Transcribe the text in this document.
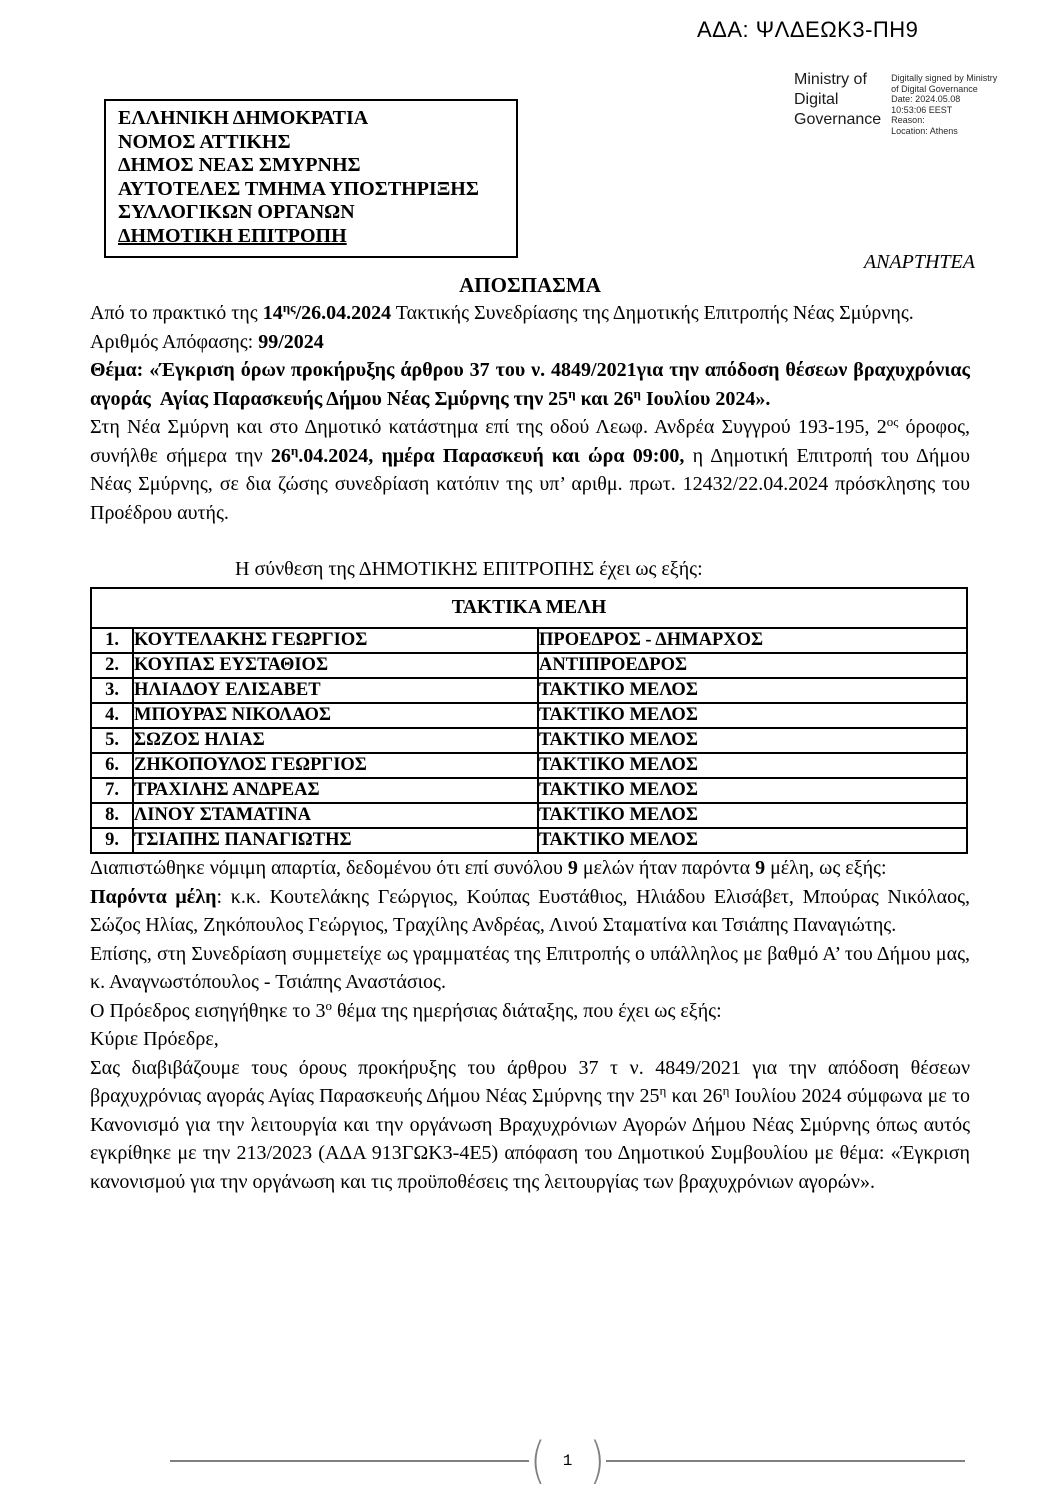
ΑΔΑ: ΨΛΔΕΩΚ3-ΠΗ9
Ministry of
Digital
Governance
Digitally signed by Ministry
of Digital Governance
Date: 2024.05.08
10:53:06 EEST
Reason:
Location: Athens
ΕΛΛΗΝΙΚΗ ΔΗΜΟΚΡΑΤΙΑ
ΝΟΜΟΣ ΑΤΤΙΚΗΣ
ΔΗΜΟΣ ΝΕΑΣ ΣΜΥΡΝΗΣ
ΑΥΤΟΤΕΛΕΣ ΤΜΗΜΑ ΥΠΟΣΤΗΡΙΞΗΣ
ΣΥΛΛΟΓΙΚΩΝ ΟΡΓΑΝΩΝ
ΔΗΜΟΤΙΚΗ ΕΠΙΤΡΟΠΗ
ΑΝΑΡΤΗΤΕΑ

ΑΠΟΣΠΑΣΜΑ

Από το πρακτικό της $14^{\eta\varsigma}/26.04.2024$ Τακτικής Συνεδρίασης της Δημοτικής Επιτροπής Νέας Σμύρνης.

Αριθμός Απόφασης: 99/2024

Θέμα: «Έγκριση όρων προκήρυξης άρθρου 37 του ν. 4849/2021για την απόδοση θέσεων βραχυχρόνιας αγοράς  Αγίας Παρασκευής Δήμου Νέας Σμύρνης την $25^\eta$ και $26^\eta$ Ιουλίου 2024».

Στη Νέα Σμύρνη και στο Δημοτικό κατάστημα επί της οδού Λεωφ. Ανδρέα Συγγρού 193-195, $2^{o\varsigma}$ όροφος, συνήλθε σήμερα την $26^\eta.04.2024$, ημέρα Παρασκευή και ώρα 09:00, η Δημοτική Επιτροπή του Δήμου Νέας Σμύρνης, σε δια ζώσης συνεδρίαση κατόπιν της υπ’ αριθμ. πρωτ. 12432/22.04.2024 πρόσκλησης του Προέδρου αυτής.

Η σύνθεση της ΔΗΜΟΤΙΚΗΣ ΕΠΙΤΡΟΠΗΣ έχει ως εξής:

ΤΑΚΤΙΚΑ ΜΕΛΗ		
1.	ΚΟΥΤΕΛΑΚΗΣ ΓΕΩΡΓΙΟΣ	ΠΡΟΕΔΡΟΣ - ΔΗΜΑΡΧΟΣ
2.	ΚΟΥΠΑΣ ΕΥΣΤΑΘΙΟΣ	ΑΝΤΙΠΡΟΕΔΡΟΣ
3.	ΗΛΙΑΔΟΥ ΕΛΙΣΑΒΕΤ	ΤΑΚΤΙΚΟ ΜΕΛΟΣ
4.	ΜΠΟΥΡΑΣ ΝΙΚΟΛΑΟΣ	ΤΑΚΤΙΚΟ ΜΕΛΟΣ
5.	ΣΩΖΟΣ ΗΛΙΑΣ	ΤΑΚΤΙΚΟ ΜΕΛΟΣ
6.	ΖΗΚΟΠΟΥΛΟΣ ΓΕΩΡΓΙΟΣ	ΤΑΚΤΙΚΟ ΜΕΛΟΣ
7.	ΤΡΑΧΙΛΗΣ ΑΝΔΡΕΑΣ	ΤΑΚΤΙΚΟ ΜΕΛΟΣ
8.	ΛΙΝΟΥ ΣΤΑΜΑΤΙΝΑ	ΤΑΚΤΙΚΟ ΜΕΛΟΣ
9.	ΤΣΙΑΠΗΣ ΠΑΝΑΓΙΩΤΗΣ	ΤΑΚΤΙΚΟ ΜΕΛΟΣ

Διαπιστώθηκε νόμιμη απαρτία, δεδομένου ότι επί συνόλου 9 μελών ήταν παρόντα 9 μέλη, ως εξής:

Παρόντα μέλη: κ.κ. Κουτελάκης Γεώργιος, Κούπας Ευστάθιος, Ηλιάδου Ελισάβετ, Μπούρας Νικόλαος, Σώζος Ηλίας, Ζηκόπουλος Γεώργιος, Τραχίλης Ανδρέας, Λινού Σταματίνα και Τσιάπης Παναγιώτης.

Επίσης, στη Συνεδρίαση συμμετείχε ως γραμματέας της Επιτροπής ο υπάλληλος με βαθμό Α’ του Δήμου μας, κ. Αναγνωστόπουλος - Τσιάπης Αναστάσιος.

Ο Πρόεδρος εισηγήθηκε το $3^o$ θέμα της ημερήσιας διάταξης, που έχει ως εξής:

Κύριε Πρόεδρε,

Σας διαβιβάζουμε τους όρους προκήρυξης του άρθρου 37 τ ν. 4849/2021 για την απόδοση θέσεων βραχυχρόνιας αγοράς Αγίας Παρασκευής Δήμου Νέας Σμύρνης την $25^\eta$ και $26^\eta$ Ιουλίου 2024 σύμφωνα με το Κανονισμό για την λειτουργία και την οργάνωση Βραχυχρόνιων Αγορών Δήμου Νέας Σμύρνης όπως αυτός εγκρίθηκε με την 213/2023 (ΑΔΑ 913ΓΩΚ3-4Ε5) απόφαση του Δημοτικού Συμβουλίου με θέμα: «Έγκριση κανονισμού για την οργάνωση και τις προϋποθέσεις της λειτουργίας των βραχυχρόνιων αγορών».

( 1 )
